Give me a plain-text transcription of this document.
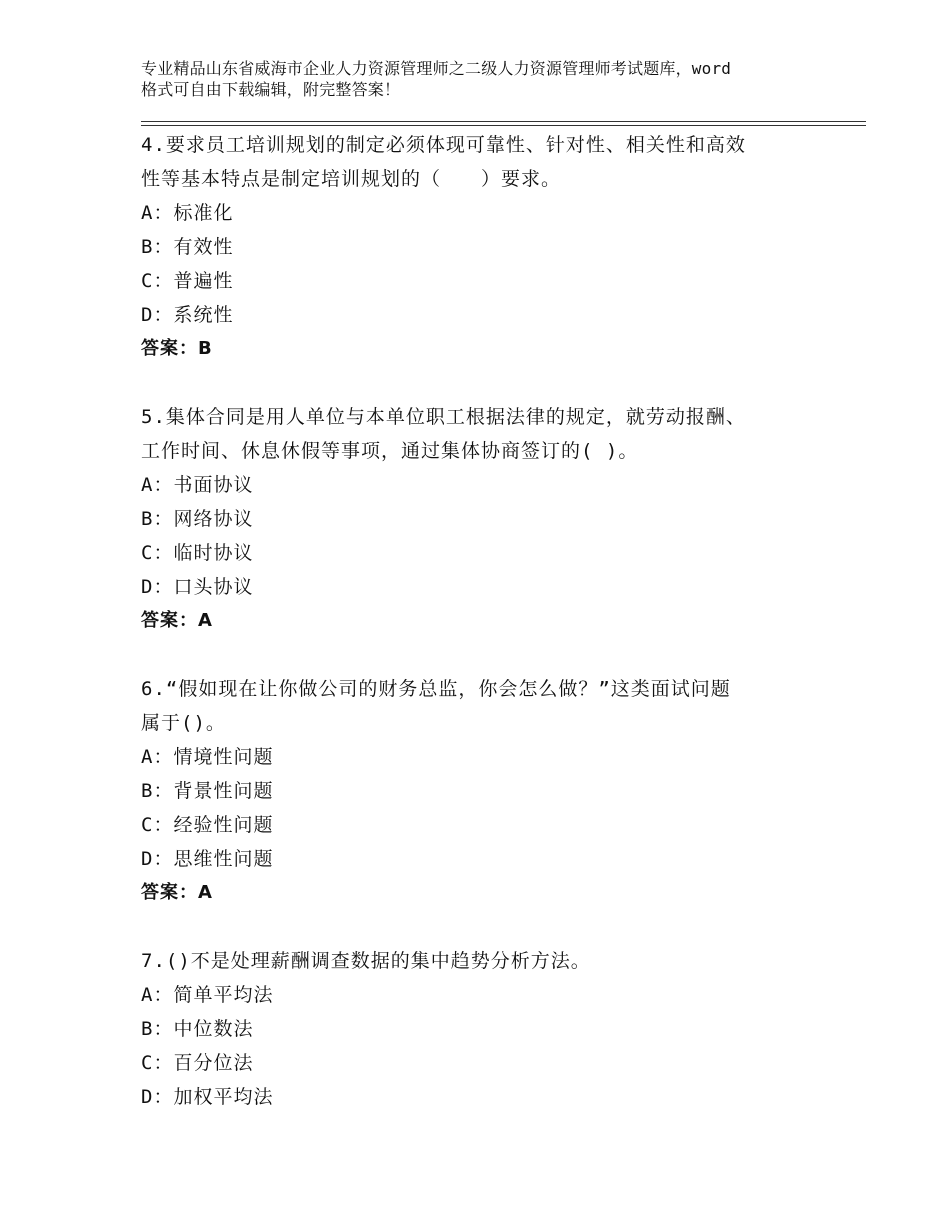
专业精品山东省威海市企业人力资源管理师之二级人力资源管理师考试题库，word
格式可自由下载编辑，附完整答案！
4.要求员工培训规划的制定必须体现可靠性、针对性、相关性和高效
性等基本特点是制定培训规划的（　　）要求。
A：标准化
B：有效性
C：普遍性
D：系统性
答案：B
5.集体合同是用人单位与本单位职工根据法律的规定，就劳动报酬、
工作时间、休息休假等事项，通过集体协商签订的( )。
A：书面协议
B：网络协议
C：临时协议
D：口头协议
答案：A
6.“假如现在让你做公司的财务总监，你会怎么做？”这类面试问题
属于()。
A：情境性问题
B：背景性问题
C：经验性问题
D：思维性问题
答案：A
7.()不是处理薪酬调查数据的集中趋势分析方法。
A：简单平均法
B：中位数法
C：百分位法
D：加权平均法
